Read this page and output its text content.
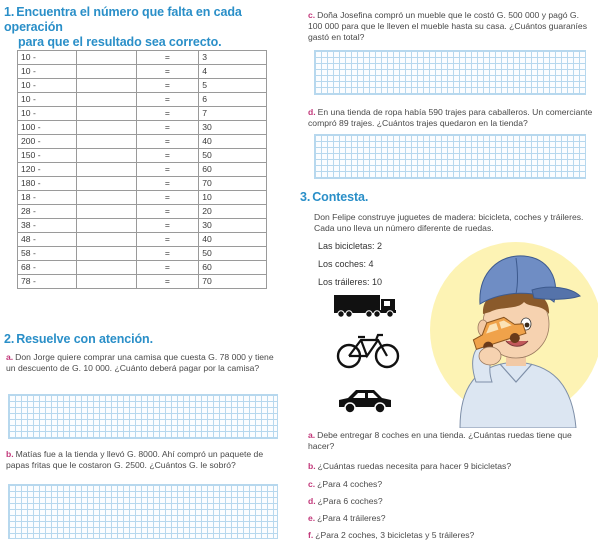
1. Encuentra el número que falta en cada operación
para que el resultado sea correcto.
10 -		=	3
10 -		=	4
10 -		=	5
10 -		=	6
10 -		=	7
100 -		=	30
200 -		=	40
150 -		=	50
120 -		=	60
180 -		=	70
18 -		=	10
28 -		=	20
38 -		=	30
48 -		=	40
58 -		=	50
68 -		=	60
78 -		=	70
2. Resuelve con atención.
a. Don Jorge quiere comprar una camisa que cuesta G. 78 000 y tiene un descuento de G. 10 000. ¿Cuánto deberá pagar por la camisa?
b. Matías fue a la tienda y llevó G. 8000. Ahí compró un paquete de papas fritas que le costaron G. 2500. ¿Cuántos G. le sobró?
c. Doña Josefina compró un mueble que le costó G. 500 000 y pagó G. 100 000 para que le lleven el mueble hasta su casa. ¿Cuántos guaraníes gastó en total?
d. En una tienda de ropa había 590 trajes para caballeros. Un comerciante compró 89 trajes. ¿Cuántos trajes quedaron en la tienda?
3. Contesta.
Don Felipe construye juguetes de madera: bicicleta, coches y tráileres. Cada uno lleva un número diferente de ruedas.
Las bicicletas: 2
Los coches: 4
Los tráileres: 10
a. Debe entregar 8 coches en una tienda. ¿Cuántas ruedas tiene que hacer?
b. ¿Cuántas ruedas necesita para hacer 9 bicicletas?
c. ¿Para 4 coches?
d. ¿Para 6 coches?
e. ¿Para 4 tráileres?
f. ¿Para 2 coches, 3 bicicletas y 5 tráileres?
